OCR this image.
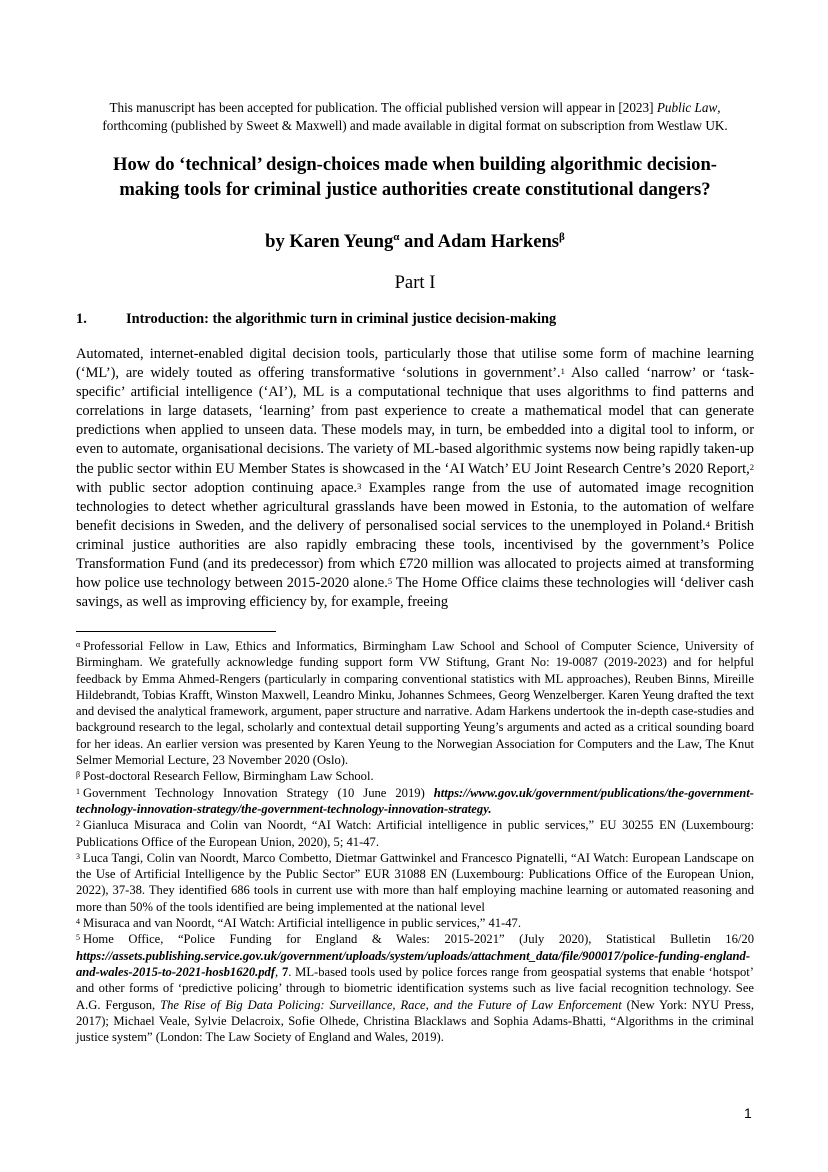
This manuscript has been accepted for publication. The official published version will appear in [2023] Public Law,
forthcoming (published by Sweet & Maxwell) and made available in digital format on subscription from Westlaw UK.
How do ‘technical’ design-choices made when building algorithmic decision-
making tools for criminal justice authorities create constitutional dangers?
by Karen Yeung$^\alpha$ and Adam Harkens$^\beta$
Part I
1.	Introduction: the algorithmic turn in criminal justice decision-making

Automated, internet-enabled digital decision tools, particularly those that utilise some form of machine learning (‘ML’), are widely touted as offering transformative ‘solutions in government’.$^1$ Also called ‘narrow’ or ‘task-specific’ artificial intelligence (‘AI’), ML is a computational technique that uses algorithms to find patterns and correlations in large datasets, ‘learning’ from past experience to create a mathematical model that can generate predictions when applied to unseen data. These models may, in turn, be embedded into a digital tool to inform, or even to automate, organisational decisions. The variety of ML-based algorithmic systems now being rapidly taken-up the public sector within EU Member States is showcased in the ‘AI Watch’ EU Joint Research Centre’s 2020 Report,$^2$ with public sector adoption continuing apace.$^3$ Examples range from the use of automated image recognition technologies to detect whether agricultural grasslands have been mowed in Estonia, to the automation of welfare benefit decisions in Sweden, and the delivery of personalised social services to the unemployed in Poland.$^4$ British criminal justice authorities are also rapidly embracing these tools, incentivised by the government’s Police Transformation Fund (and its predecessor) from which £720 million was allocated to projects aimed at transforming how police use technology between 2015-2020 alone.$^5$ The Home Office claims these technologies will ‘deliver cash savings, as well as improving efficiency by, for example, freeing

$^\alpha$ Professorial Fellow in Law, Ethics and Informatics, Birmingham Law School and School of Computer Science, University of Birmingham. We gratefully acknowledge funding support form VW Stiftung, Grant No: 19-0087 (2019-2023) and for helpful feedback by Emma Ahmed-Rengers (particularly in comparing conventional statistics with ML approaches), Reuben Binns, Mireille Hildebrandt, Tobias Krafft, Winston Maxwell, Leandro Minku, Johannes Schmees, Georg Wenzelberger. Karen Yeung drafted the text and devised the analytical framework, argument, paper structure and narrative. Adam Harkens undertook the in-depth case-studies and background research to the legal, scholarly and contextual detail supporting Yeung’s arguments and acted as a critical sounding board for her ideas. An earlier version was presented by Karen Yeung to the Norwegian Association for Computers and the Law, The Knut Selmer Memorial Lecture, 23 November 2020 (Oslo).

$^\beta$ Post-doctoral Research Fellow, Birmingham Law School.

$^1$ Government Technology Innovation Strategy (10 June 2019) https://www.gov.uk/government/publications/the-government-technology-innovation-strategy/the-government-technology-innovation-strategy.

$^2$ Gianluca Misuraca and Colin van Noordt, “AI Watch: Artificial intelligence in public services,” EU 30255 EN (Luxembourg: Publications Office of the European Union, 2020), 5; 41-47.

$^3$ Luca Tangi, Colin van Noordt, Marco Combetto, Dietmar Gattwinkel and Francesco Pignatelli, “AI Watch: European Landscape on the Use of Artificial Intelligence by the Public Sector” EUR 31088 EN (Luxembourg: Publications Office of the European Union, 2022), 37-38. They identified 686 tools in current use with more than half employing machine learning or automated reasoning and more than 50% of the tools identified are being implemented at the national level

$^4$ Misuraca and van Noordt, “AI Watch: Artificial intelligence in public services,” 41-47.

$^5$ Home Office, “Police Funding for England & Wales: 2015-2021” (July 2020), Statistical Bulletin 16/20 https://assets.publishing.service.gov.uk/government/uploads/system/uploads/attachment_data/file/900017/police-funding-england-and-wales-2015-to-2021-hosb1620.pdf, 7. ML-based tools used by police forces range from geospatial systems that enable ‘hotspot’ and other forms of ‘predictive policing’ through to biometric identification systems such as live facial recognition technology. See A.G. Ferguson, The Rise of Big Data Policing: Surveillance, Race, and the Future of Law Enforcement (New York: NYU Press, 2017); Michael Veale, Sylvie Delacroix, Sofie Olhede, Christina Blacklaws and Sophia Adams-Bhatti, “Algorithms in the criminal justice system” (London: The Law Society of England and Wales, 2019).

1
